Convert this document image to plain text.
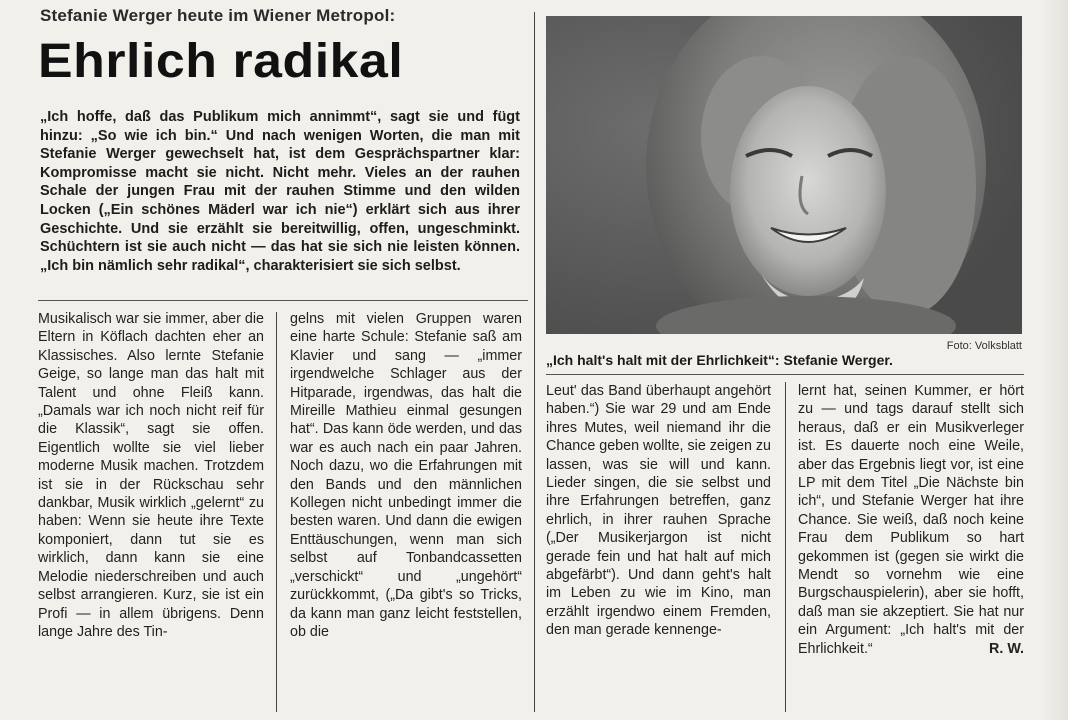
Stefanie Werger heute im Wiener Metropol:
Ehrlich radikal
„Ich hoffe, daß das Publikum mich annimmt“, sagt sie und fügt hinzu: „So wie ich bin.“ Und nach wenigen Worten, die man mit Stefanie Werger gewechselt hat, ist dem Gesprächspartner klar: Kompromisse macht sie nicht. Nicht mehr. Vieles an der rauhen Schale der jungen Frau mit der rauhen Stimme und den wilden Locken („Ein schönes Mäderl war ich nie“) erklärt sich aus ihrer Geschichte. Und sie erzählt sie bereitwillig, offen, ungeschminkt. Schüchtern ist sie auch nicht — das hat sie sich nie leisten können. „Ich bin nämlich sehr radikal“, charakterisiert sie sich selbst.
Musikalisch war sie immer, aber die Eltern in Köflach dachten eher an Klassisches. Also lernte Stefanie Geige, so lange man das halt mit Talent und ohne Fleiß kann. „Damals war ich noch nicht reif für die Klassik“, sagt sie offen. Eigentlich wollte sie viel lieber moderne Musik machen. Trotzdem ist sie in der Rückschau sehr dankbar, Musik wirklich „gelernt“ zu haben: Wenn sie heute ihre Texte komponiert, dann tut sie es wirklich, dann kann sie eine Melodie niederschreiben und auch selbst arrangieren. Kurz, sie ist ein Profi — in allem übrigens. Denn lange Jahre des Tin-
gelns mit vielen Gruppen waren eine harte Schule: Stefanie saß am Klavier und sang — „immer irgendwelche Schlager aus der Hitparade, irgendwas, das halt die Mireille Mathieu einmal gesungen hat“. Das kann öde werden, und das war es auch nach ein paar Jahren. Noch dazu, wo die Erfahrungen mit den Bands und den männlichen Kollegen nicht unbedingt immer die besten waren. Und dann die ewigen Enttäuschungen, wenn man sich selbst auf Tonbandcassetten „verschickt“ und „ungehört“ zurückkommt, („Da gibt's so Tricks, da kann man ganz leicht feststellen, ob die
Foto: Volksblatt
„Ich halt's halt mit der Ehrlichkeit“: Stefanie Werger.
Leut' das Band überhaupt angehört haben.“) Sie war 29 und am Ende ihres Mutes, weil niemand ihr die Chance geben wollte, sie zeigen zu lassen, was sie will und kann. Lieder singen, die sie selbst und ihre Erfahrungen betreffen, ganz ehrlich, in ihrer rauhen Sprache („Der Musikerjargon ist nicht gerade fein und hat halt auf mich abgefärbt“). Und dann geht's halt im Leben zu wie im Kino, man erzählt irgendwo einem Fremden, den man gerade kennenge-
lernt hat, seinen Kummer, er hört zu — und tags darauf stellt sich heraus, daß er ein Musikverleger ist. Es dauerte noch eine Weile, aber das Ergebnis liegt vor, ist eine LP mit dem Titel „Die Nächste bin ich“, und Stefanie Werger hat ihre Chance. Sie weiß, daß noch keine Frau dem Publikum so hart gekommen ist (gegen sie wirkt die Mendt so vornehm wie eine Burgschauspielerin), aber sie hofft, daß man sie akzeptiert. Sie hat nur ein Argument: „Ich halt's mit der Ehrlichkeit.“	R. W.
